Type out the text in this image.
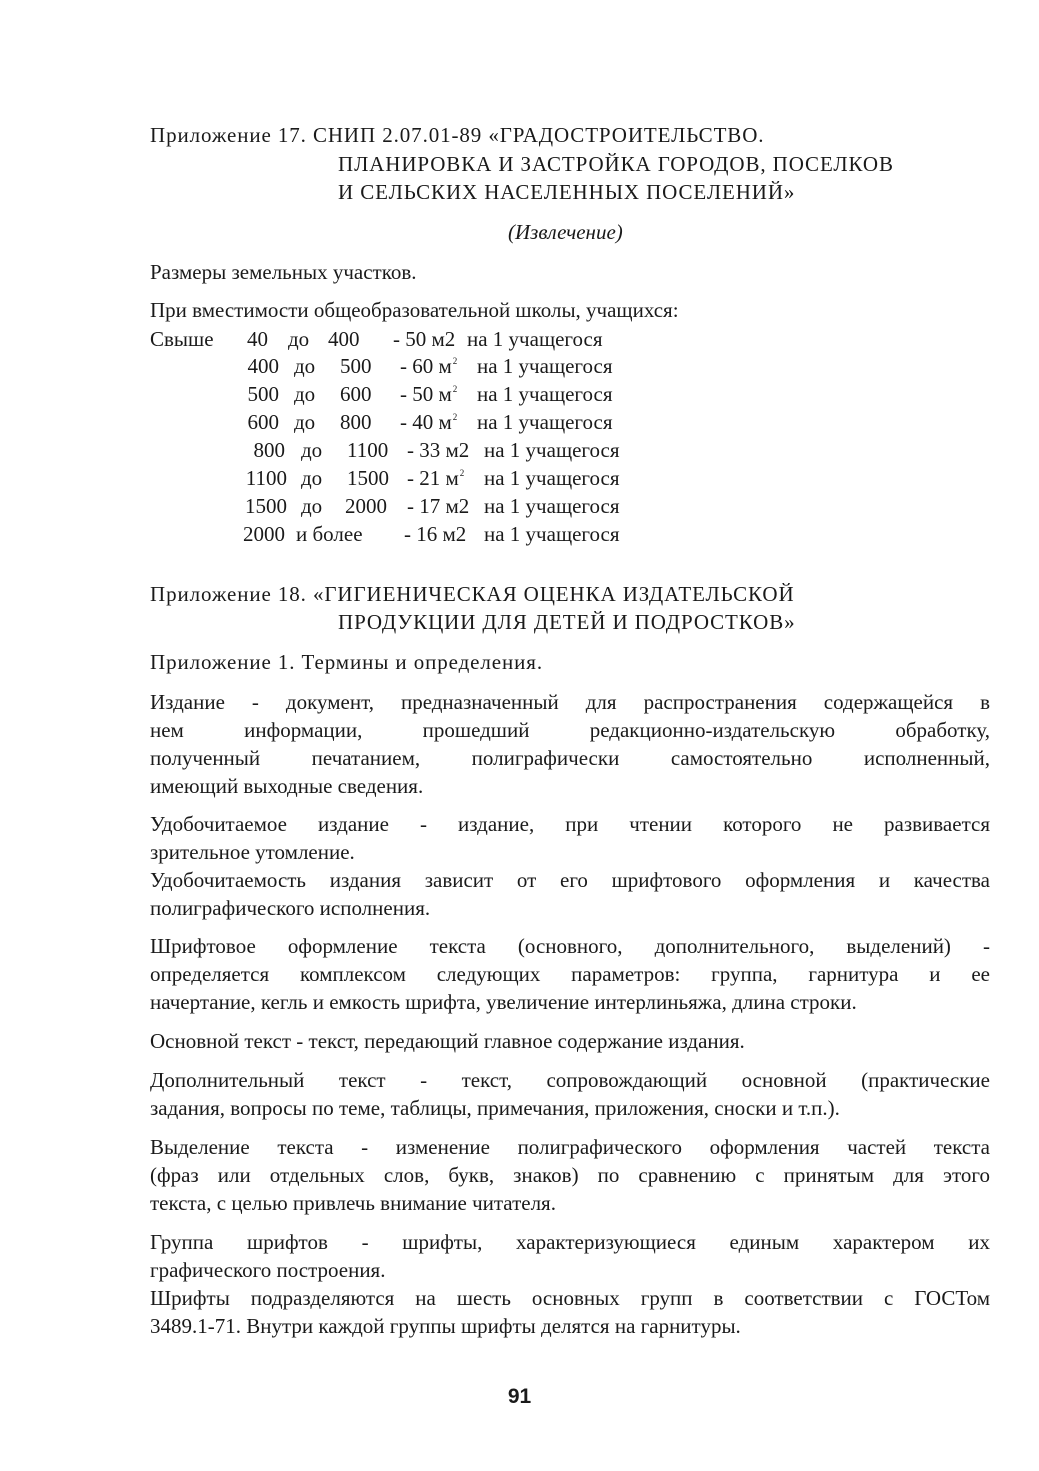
Приложение 17. СНИП 2.07.01-89 «ГРАДОСТРОИТЕЛЬСТВО.
ПЛАНИРОВКА И ЗАСТРОЙКА ГОРОДОВ, ПОСЕЛКОВ
И СЕЛЬСКИХ НАСЕЛЕННЫХ ПОСЕЛЕНИЙ»
(Извлечение)
Размеры земельных участков.
При вместимости общеобразовательной школы, учащихся:
Свыше 40 до 400 - 50 м2 на 1 учащегося
400 до 500 - 60 $м^2$ на 1 учащегося
500 до 600 - 50 $м^2$ на 1 учащегося
600 до 800 - 40 $м^2$ на 1 учащегося
800 до 1100 - 33 м2 на 1 учащегося
1100 до 1500 - 21 $м^2$ на 1 учащегося
1500 до 2000 - 17 м2 на 1 учащегося
2000 и более - 16 м2 на 1 учащегося
Приложение 18. «ГИГИЕНИЧЕСКАЯ ОЦЕНКА ИЗДАТЕЛЬСКОЙ
ПРОДУКЦИИ ДЛЯ ДЕТЕЙ И ПОДРОСТКОВ»
Приложение 1. Термины и определения.
Издание - документ, предназначенный для распространения содержащейся в
нем информации, прошедший редакционно-издательскую обработку,
полученный печатанием, полиграфически самостоятельно исполненный,
имеющий выходные сведения.
Удобочитаемое издание - издание, при чтении которого не развивается
зрительное утомление.
Удобочитаемость издания зависит от его шрифтового оформления и качества
полиграфического исполнения.
Шрифтовое оформление текста (основного, дополнительного, выделений) -
определяется комплексом следующих параметров: группа, гарнитура и ее
начертание, кегль и емкость шрифта, увеличение интерлиньяжа, длина строки.
Основной текст - текст, передающий главное содержание издания.
Дополнительный текст - текст, сопровождающий основной (практические
задания, вопросы по теме, таблицы, примечания, приложения, сноски и т.п.).
Выделение текста - изменение полиграфического оформления частей текста
(фраз или отдельных слов, букв, знаков) по сравнению с принятым для этого
текста, с целью привлечь внимание читателя.
Группа шрифтов - шрифты, характеризующиеся единым характером их
графического построения.
Шрифты подразделяются на шесть основных групп в соответствии с ГОСТом
3489.1-71. Внутри каждой группы шрифты делятся на гарнитуры.
91
